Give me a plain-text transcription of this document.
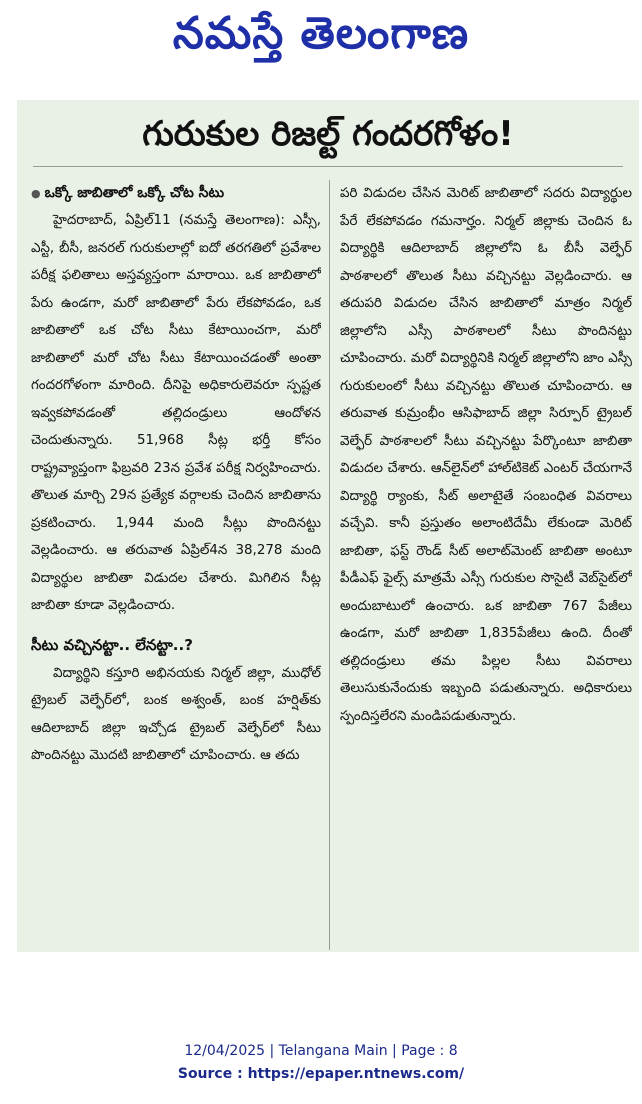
నమస్తే తెలంగాణ
గురుకుల రిజల్ట్ గందరగోళం!
● ఒక్కో జాబితాలో ఒక్కో చోట సీటు

హైదరాబాద్, ఏప్రిల్11 (నమస్తే తెలంగాణ): ఎస్సీ, ఎస్టీ, బీసీ, జనరల్ గురుకులాల్లో ఐదో తరగతిలో ప్రవేశాల పరీక్ష ఫలితాలు అస్తవ్యస్తంగా మారాయి. ఒక జాబితాలో పేరు ఉండగా, మరో జాబితాలో పేరు లేకపోవడం, ఒక జాబితాలో ఒక చోట సీటు కేటాయించగా, మరో జాబితాలో మరో చోట సీటు కేటాయించడంతో అంతా గందరగోళంగా మారింది. దీనిపై అధికారులెవరూ స్పష్టత ఇవ్వకపోవడంతో తల్లిదండ్రులు ఆందోళన చెందుతున్నారు. 51,968 సీట్ల భర్తీ కోసం రాష్ట్రవ్యాప్తంగా ఫిబ్రవరి 23న ప్రవేశ పరీక్ష నిర్వహించారు. తొలుత మార్చి 29న ప్రత్యేక వర్గాలకు చెందిన జాబితాను ప్రకటించారు. 1,944 మంది సీట్లు పొందినట్టు వెల్లడించారు. ఆ తరువాత ఏప్రిల్4న 38,278 మంది విద్యార్థుల జాబితా విడుదల చేశారు. మిగిలిన సీట్ల జాబితా కూడా వెల్లడించారు.

సీటు వచ్చినట్టా.. లేనట్టా..?

విద్యార్థిని కస్తూరి అభినయకు నిర్మల్ జిల్లా, ముధోల్ ట్రైబల్ వెల్ఫేర్‌లో, బంక అశ్వంత్, బంక హర్షిత్‌కు ఆదిలాబాద్ జిల్లా ఇచ్చోడ ట్రైబల్ వెల్ఫేర్‌లో సీటు పొందినట్టు మొదటి జాబితాలో చూపించారు. ఆ తదు

పరి విడుదల చేసిన మెరిట్ జాబితాలో సదరు విద్యార్థుల పేరే లేకపోవడం గమనార్హం. నిర్మల్ జిల్లాకు చెందిన ఓ విద్యార్థికి ఆదిలాబాద్ జిల్లాలోని ఓ బీసీ వెల్ఫేర్ పాఠశాలలో తొలుత సీటు వచ్చినట్టు వెల్లడించారు. ఆ తదుపరి విడుదల చేసిన జాబితాలో మాత్రం నిర్మల్ జిల్లాలోని ఎస్సీ పాఠశాలలో సీటు పొందినట్టు చూపించారు. మరో విద్యార్థినికి నిర్మల్ జిల్లాలోని జాం ఎస్సీ గురుకులంలో సీటు వచ్చినట్టు తొలుత చూపించారు. ఆ తరువాత కుమ్రంభీం ఆసిఫాబాద్ జిల్లా సిర్పూర్ ట్రైబల్ వెల్ఫేర్ పాఠశాలలో సీటు వచ్చినట్టు పేర్కొంటూ జాబితా విడుదల చేశారు. ఆన్‌లైన్‌లో హాల్‌టికెట్ ఎంటర్ చేయగానే విద్యార్థి ర్యాంకు, సీట్ అలాటైతే సంబంధిత వివరాలు వచ్చేవి. కానీ ప్రస్తుతం అలాంటిదేమీ లేకుండా మెరిట్ జాబితా, ఫస్ట్ రౌండ్ సీట్ అలాట్‌మెంట్ జాబితా అంటూ పీడీఎఫ్ ఫైల్స్ మాత్రమే ఎస్సీ గురుకుల సొసైటీ వెబ్‌సైట్‌లో అందుబాటులో ఉంచారు. ఒక జాబితా 767 పేజీలు ఉండగా, మరో జాబితా 1,835పేజీలు ఉంది. దీంతో తల్లిదండ్రులు తమ పిల్లల సీటు వివరాలు తెలుసుకునేందుకు ఇబ్బంది పడుతున్నారు. అధికారులు స్పందిస్తలేరని మండిపడుతున్నారు.

12/04/2025 | Telangana Main | Page : 8
Source : https://epaper.ntnews.com/
